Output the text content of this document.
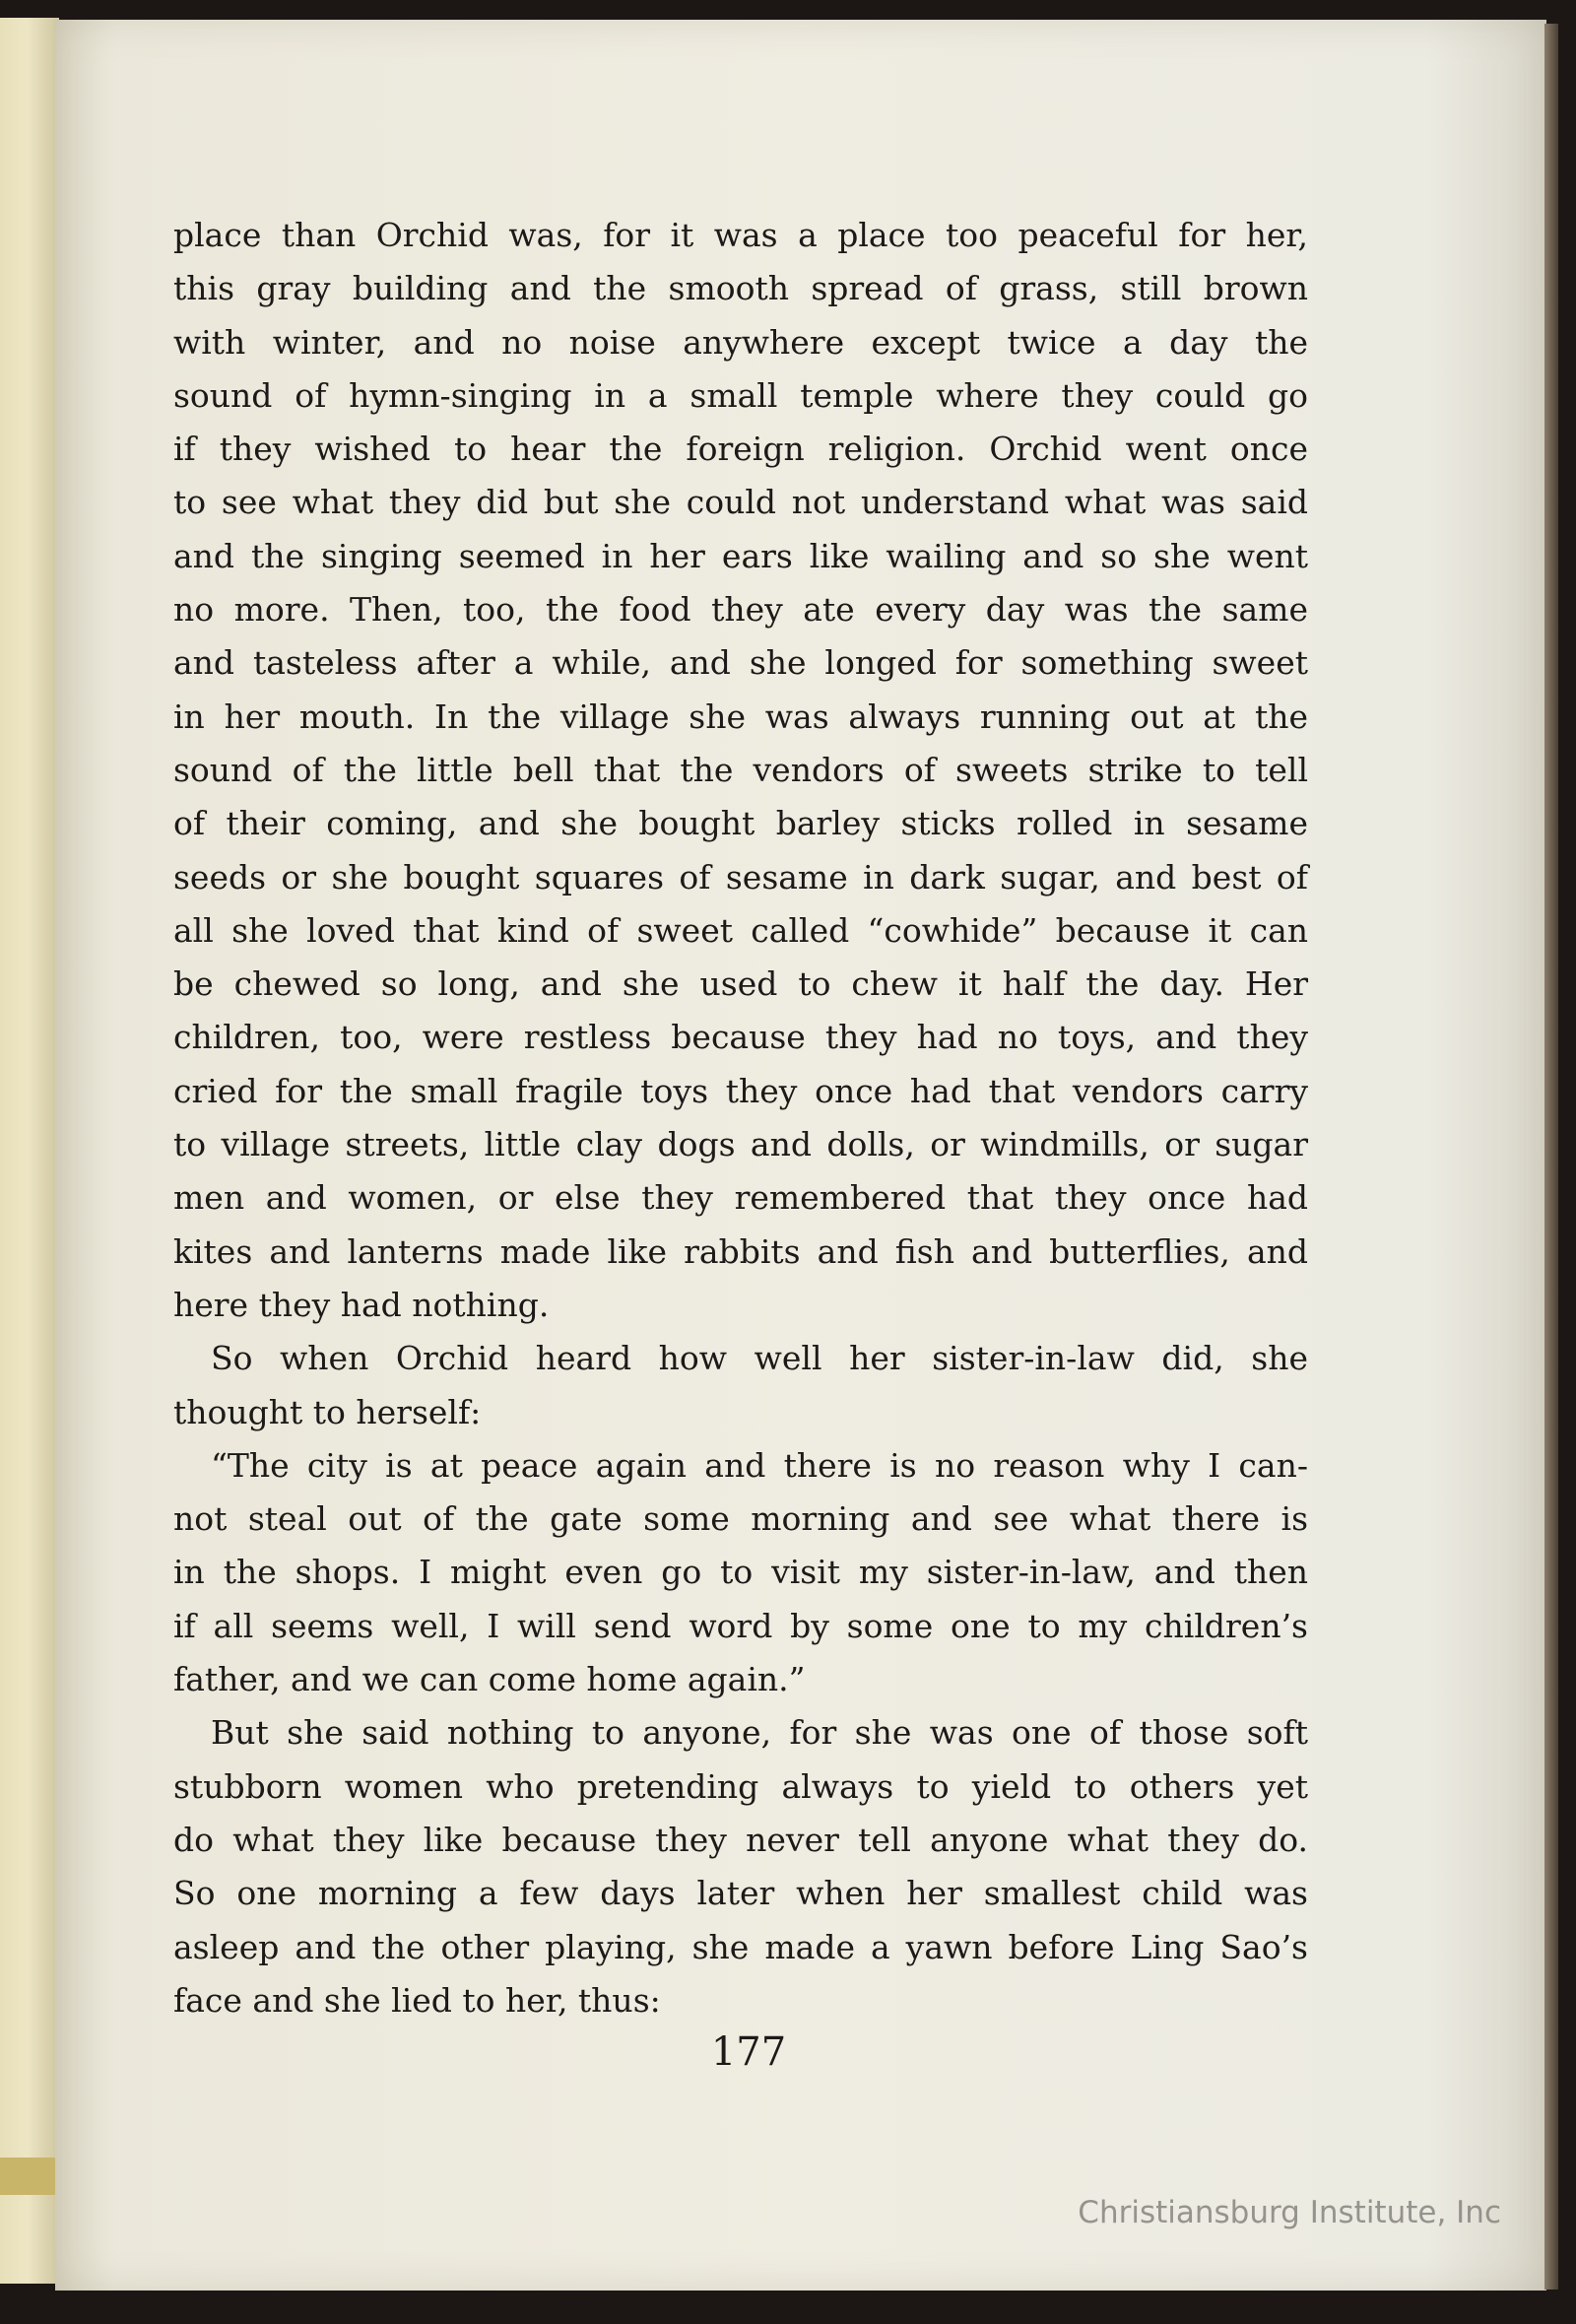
place than Orchid was, for it was a place too peaceful for her,
this gray building and the smooth spread of grass, still brown
with winter, and no noise anywhere except twice a day the
sound of hymn-singing in a small temple where they could go
if they wished to hear the foreign religion. Orchid went once
to see what they did but she could not understand what was said
and the singing seemed in her ears like wailing and so she went
no more. Then, too, the food they ate every day was the same
and tasteless after a while, and she longed for something sweet
in her mouth. In the village she was always running out at the
sound of the little bell that the vendors of sweets strike to tell
of their coming, and she bought barley sticks rolled in sesame
seeds or she bought squares of sesame in dark sugar, and best of
all she loved that kind of sweet called “cowhide” because it can
be chewed so long, and she used to chew it half the day. Her
children, too, were restless because they had no toys, and they
cried for the small fragile toys they once had that vendors carry
to village streets, little clay dogs and dolls, or windmills, or sugar
men and women, or else they remembered that they once had
kites and lanterns made like rabbits and fish and butterflies, and
here they had nothing.
So when Orchid heard how well her sister-in-law did, she
thought to herself:
“The city is at peace again and there is no reason why I can-
not steal out of the gate some morning and see what there is
in the shops. I might even go to visit my sister-in-law, and then
if all seems well, I will send word by some one to my children’s
father, and we can come home again.”
But she said nothing to anyone, for she was one of those soft
stubborn women who pretending always to yield to others yet
do what they like because they never tell anyone what they do.
So one morning a few days later when her smallest child was
asleep and the other playing, she made a yawn before Ling Sao’s
face and she lied to her, thus:
177
Christiansburg Institute, Inc
